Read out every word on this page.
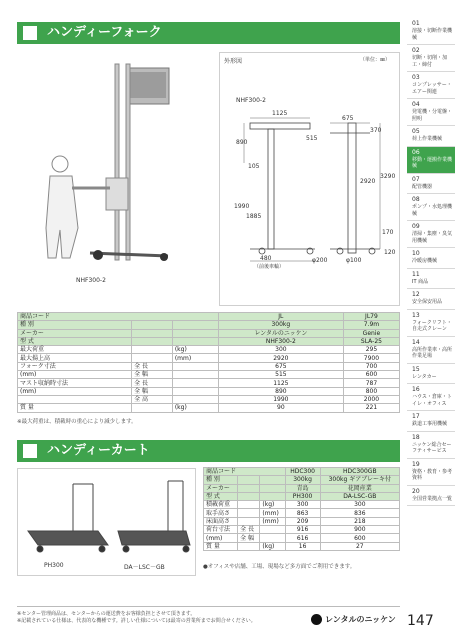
ハンディーフォーク
NHF300-2
外形図	（単位：㎜）
NHF300-2
1125
675
370
890
515
105
2920
3290
1990
1885
480
（前後車輪）
170
120
φ200	φ100
商品コード			JL	JL79
種 別			300kg	7.9m
メーカー			レンタルのニッケン	Genie
型 式			NHF300-2	SLA-25
最大荷重		(kg)	300	295
最大揚上高		(mm)	2920	7900
フォーク寸法	全 長		675	700
(mm)	全 幅		515	600
マスト収納時寸法	全 長		1125	787
(mm)	全 幅		890	800
	全 高		1990	2000
質 量		(kg)	90	221
※最大荷重は、積載時の重心により減少します。
ハンディーカート
PH300	DA－LSC－GB
商品コード			HDC300	HDC300GB
種 別			300kg	300kg ギアブレーキ付
メーカー			青島	花岡産業
型 式			PH300	DA-LSC-GB
積載荷重		(kg)	300	300
取手高さ		(mm)	863	836
床面高さ		(mm)	209	218
荷台寸法	全 長		916	900
(mm)	全 幅		616	600
質 量		(kg)	16	27
●オフィスや店舗、工場、現場など多方面でご利用できます。
01
溶接・切断作業機械
02
切断・切削・加工・締付
03
コンプレッサー・エアー関連
04
発電機・分電盤・照明
05
荷上作業機械
06
移動・運搬作業機械
07
配管機器
08
ポンプ・水処理機械
09
清掃・集塵・臭気用機械
10
冷暖房機械
11
IT 商品
12
安全保安用品
13
フォークリフト・自走式クレーン
14
高所作業車・高所作業足場
15
レンタカー
16
ハウス・倉庫・トイレ・オフィス
17
鉄道工事用機械
18
ニッケン総合セーフティサービス
19
資格・教育・参考資料
20
全国営業拠点一覧
※センター管理商品は、センターからの運送費をお客様負担とさせて頂きます。
※記載されている仕様は、代表的な機種です。詳しい仕様については最寄の営業所までお問合せください。	レンタルのニッケン 147
